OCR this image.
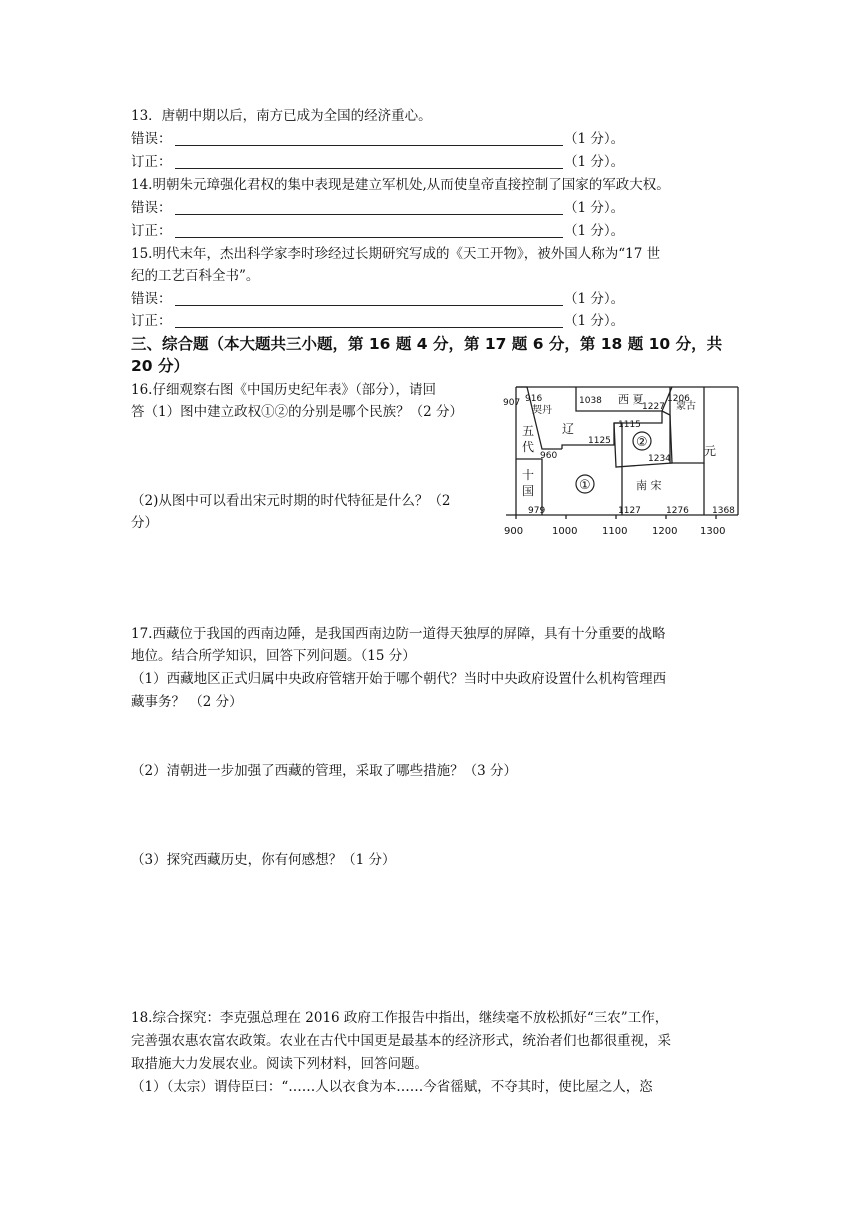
13．唐朝中期以后，南方已成为全国的经济重心。
错误：	（1 分）。
订正：	（1 分）。
14.明朝朱元璋强化君权的集中表现是建立军机处,从而使皇帝直接控制了国家的军政大权。
错误：	（1 分）。
订正：	（1 分）。
15.明代末年，杰出科学家李时珍经过长期研究写成的《天工开物》，被外国人称为“17 世
纪的工艺百科全书”。
错误：	（1 分）。
订正：	（1 分）。
三、综合题（本大题共三小题，第 16 题 4 分，第 17 题 6 分，第 18 题 10 分，共 20 分）
16.仔细观察右图《中国历史纪年表》（部分），请回
答（1）图中建立政权①②的分别是哪个民族？（2 分）
（2)从图中可以看出宋元时期的时代特征是什么？（2
分）
五
代
十
国
契丹
辽
西 夏
蒙古
元
南 宋
①
②
907 916
960
979
1038
1227
1206
1115
1125
1234
1127	1276	1368
900	1000 1100 1200 1300
17.西藏位于我国的西南边陲，是我国西南边防一道得天独厚的屏障，具有十分重要的战略
地位。结合所学知识，回答下列问题。（15 分）
（1）西藏地区正式归属中央政府管辖开始于哪个朝代？当时中央政府设置什么机构管理西
藏事务？ （2 分）
（2）清朝进一步加强了西藏的管理，采取了哪些措施？（3 分）
（3）探究西藏历史，你有何感想？（1 分）
18.综合探究：李克强总理在 2016 政府工作报告中指出，继续毫不放松抓好“三农”工作，
完善强农惠农富农政策。农业在古代中国更是最基本的经济形式，统治者们也都很重视，采
取措施大力发展农业。阅读下列材料，回答问题。
（1）（太宗）谓侍臣曰：“……人以衣食为本……今省徭赋，不夺其时，使比屋之人，恣
